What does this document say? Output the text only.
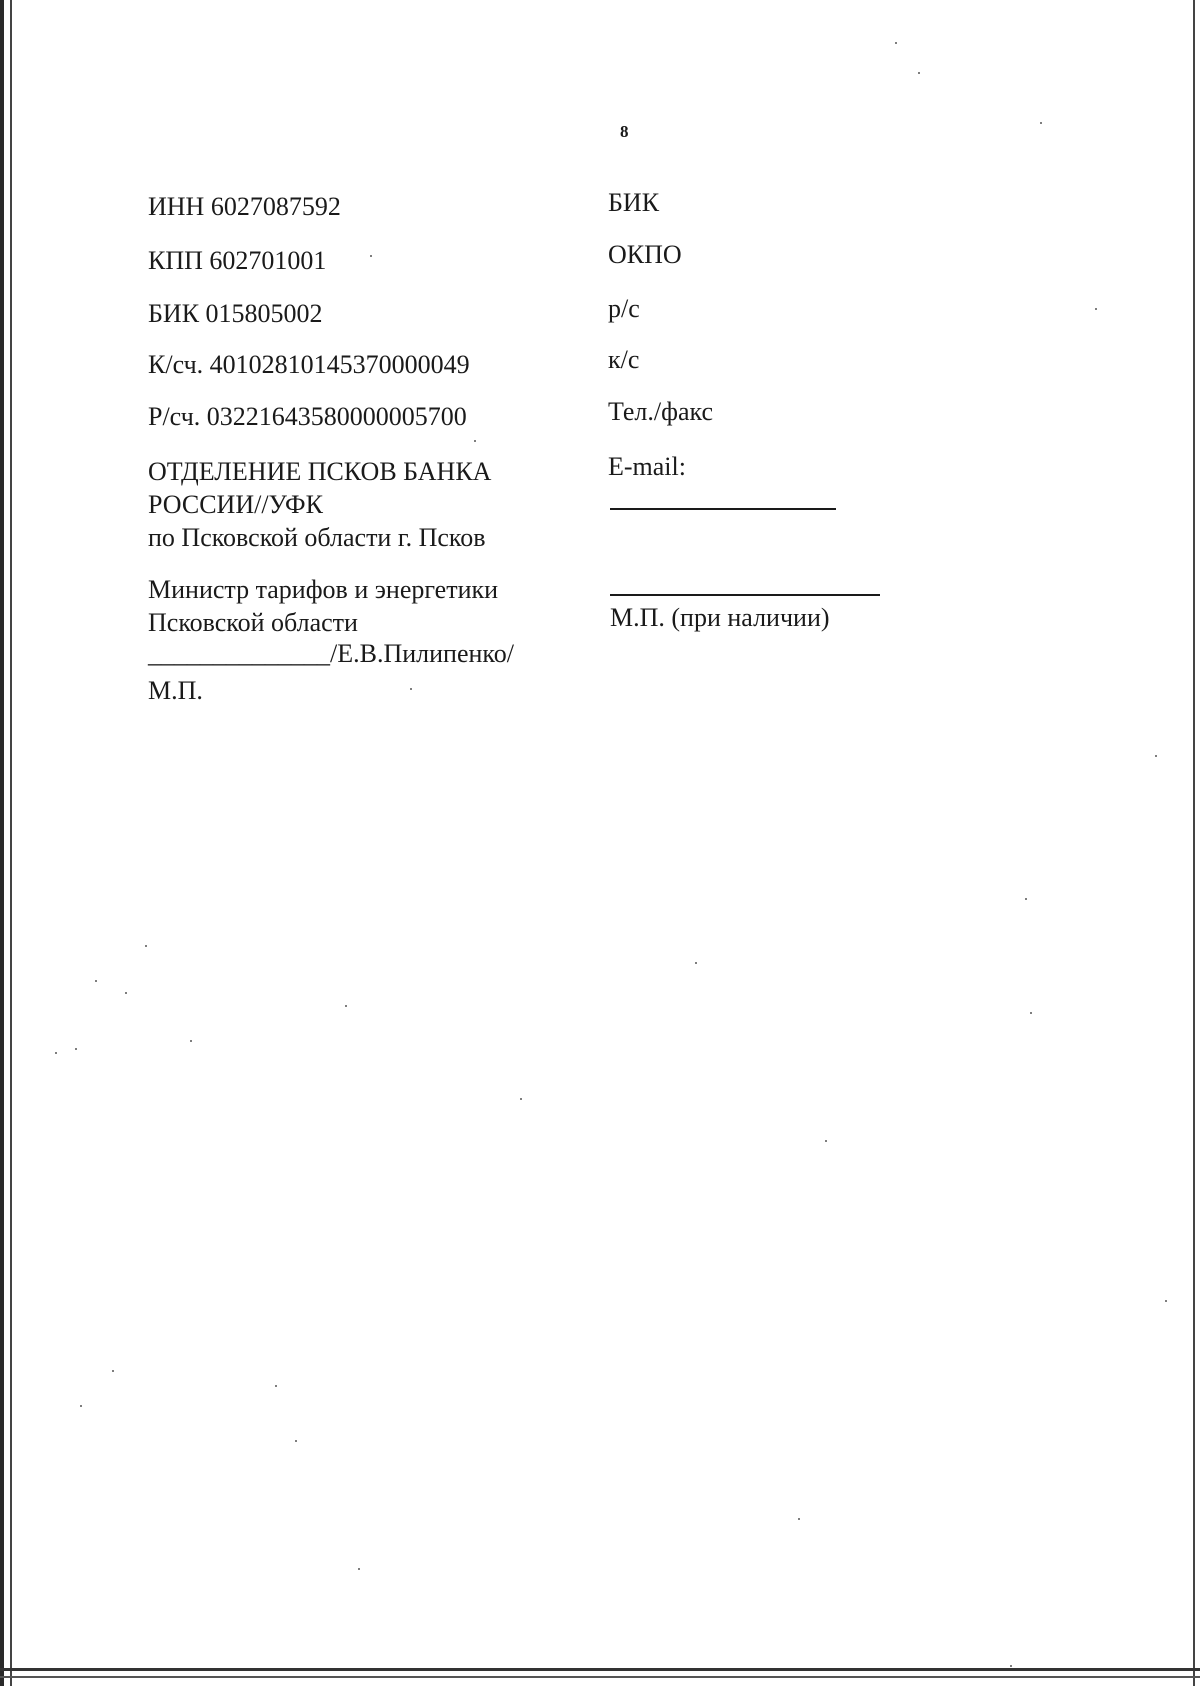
8
ИНН 6027087592
КПП 602701001
БИК 015805002
К/сч. 40102810145370000049
Р/сч. 03221643580000005700
ОТДЕЛЕНИЕ ПСКОВ БАНКА
РОССИИ//УФК
по Псковской области г. Псков
Министр тарифов и энергетики
Псковской области
______________/Е.В.Пилипенко/
М.П.
БИК
ОКПО
р/с
к/с
Тел./факс
E-mail:
М.П. (при наличии)
